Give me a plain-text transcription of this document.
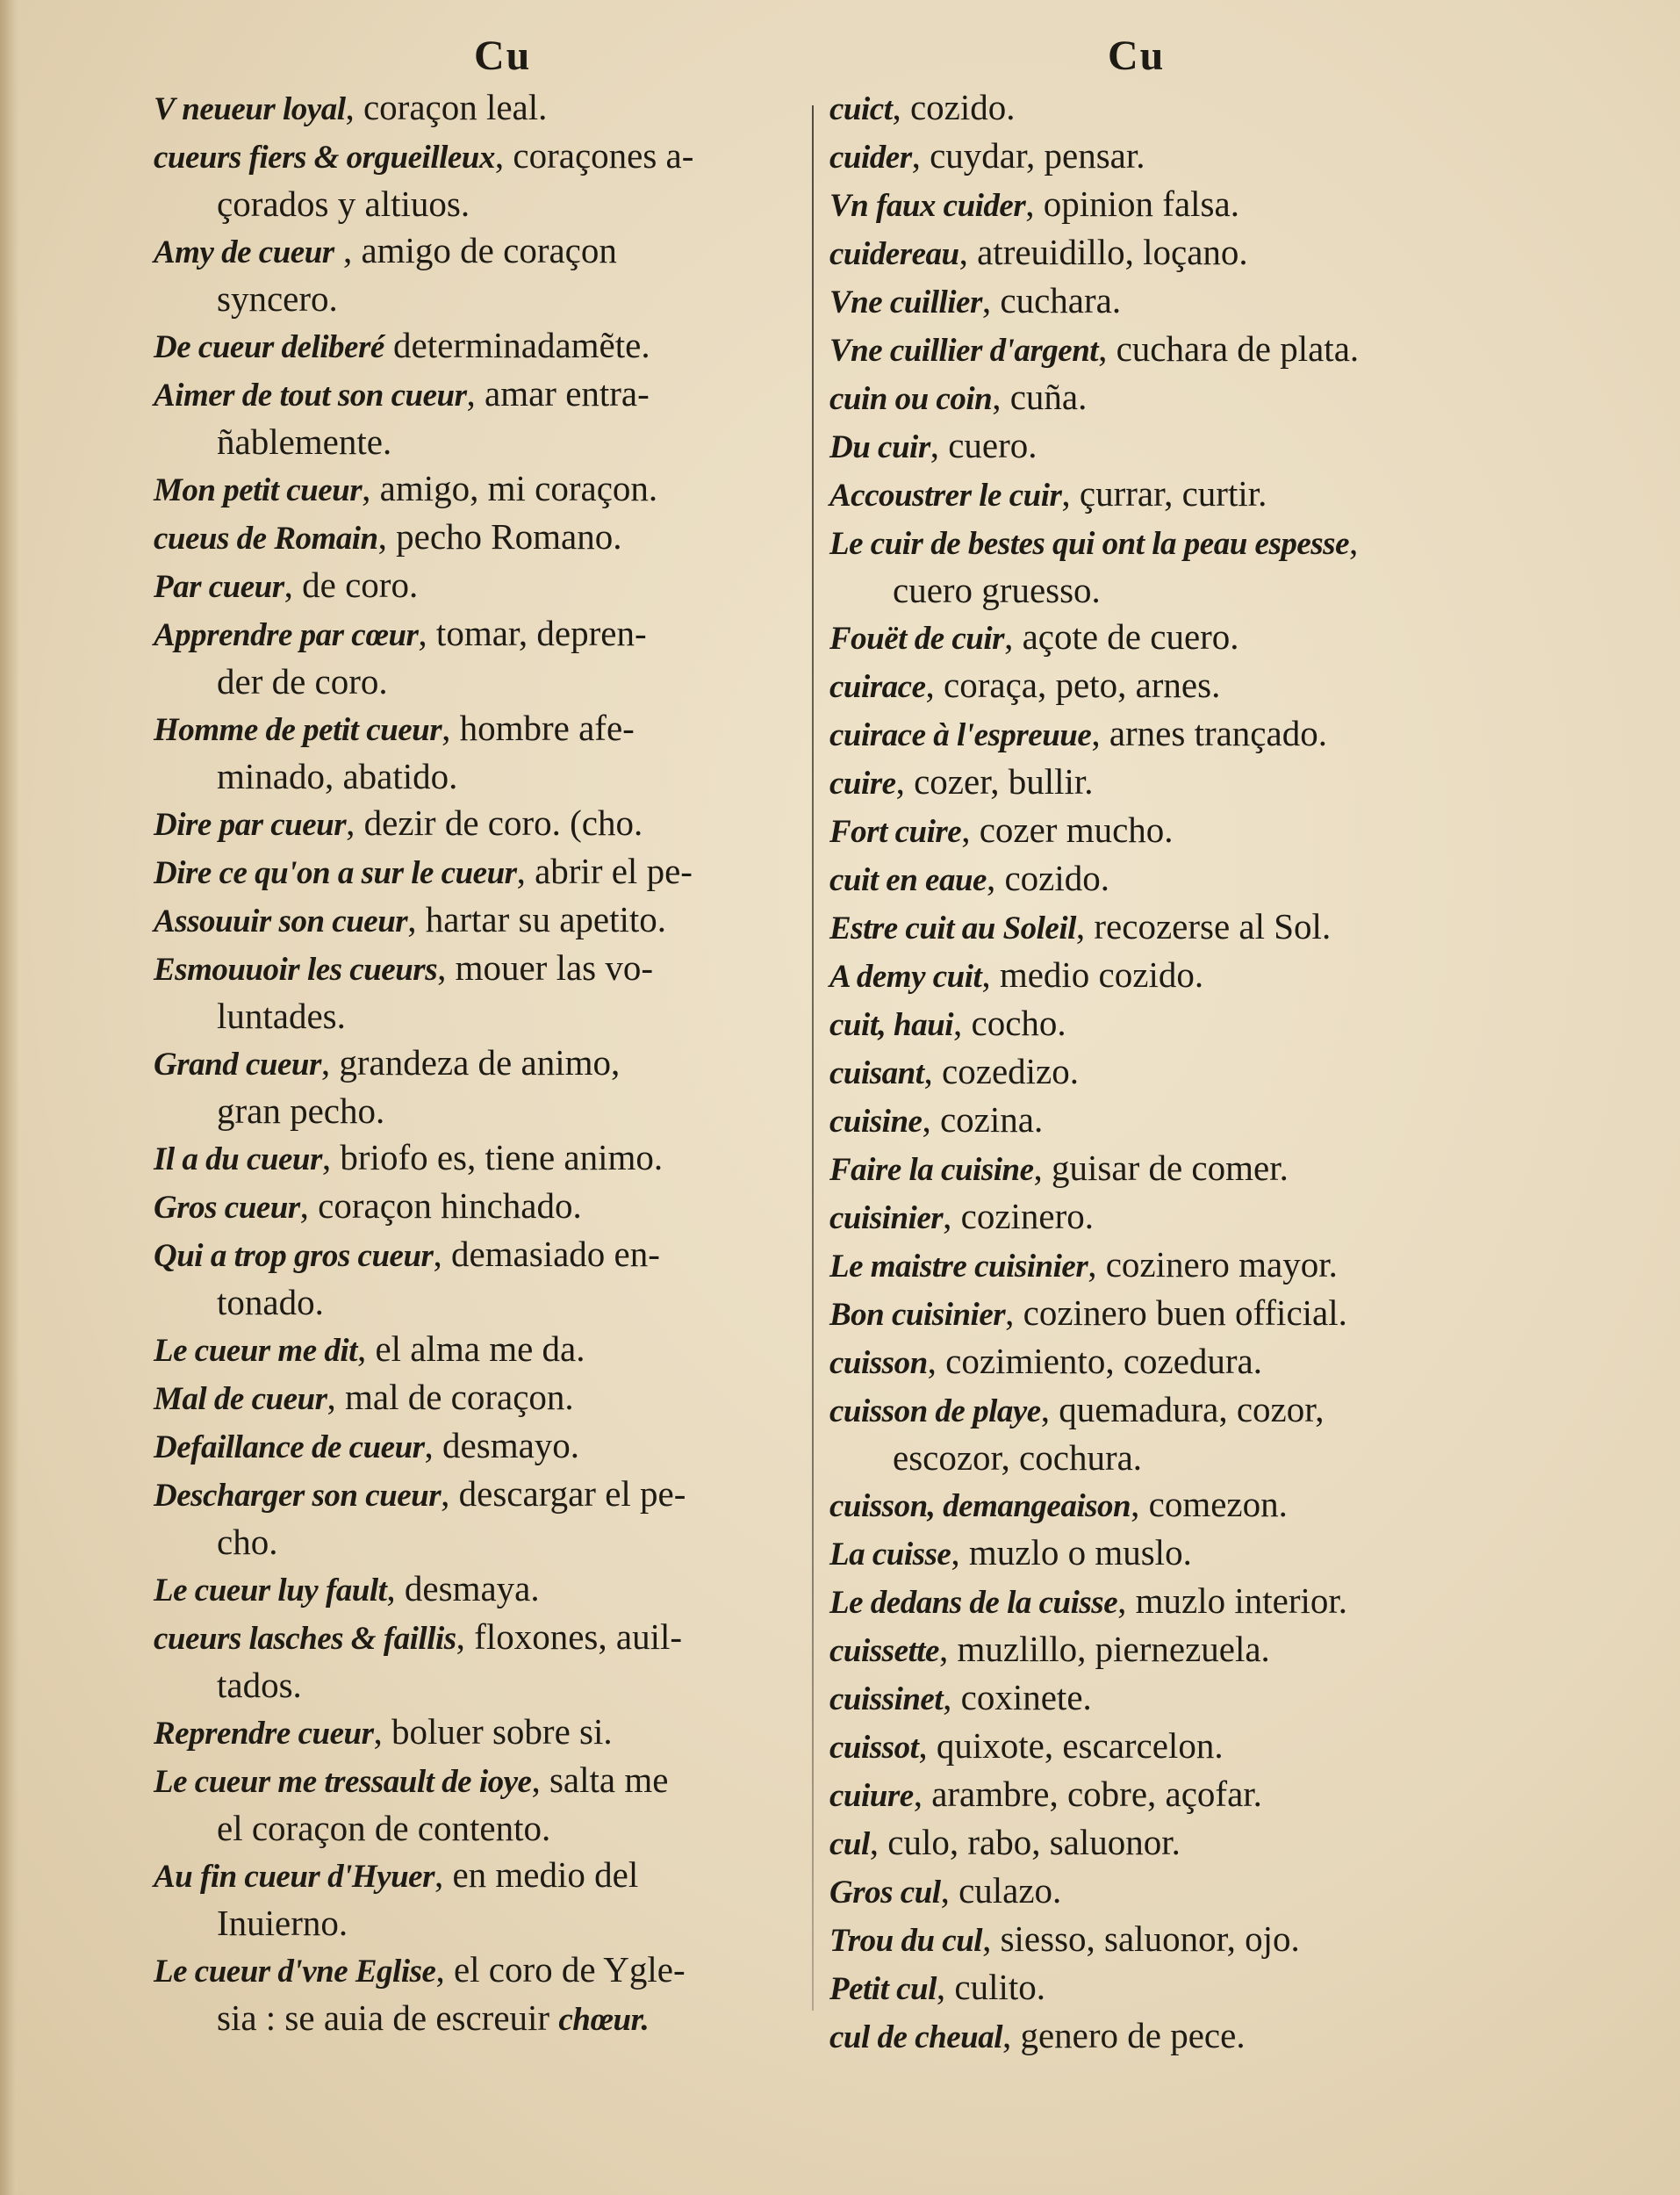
Cu	Cu
V neueur loyal, coraçon leal.
cueurs fiers & orgueilleux, coraçones a-
çorados y altiuos.
Amy de cueur , amigo de coraçon
syncero.
De cueur deliberé determinadamẽte.
Aimer de tout son cueur, amar entra-
ñablemente.
Mon petit cueur, amigo, mi coraçon.
cueus de Romain, pecho Romano.
Par cueur, de coro.
Apprendre par cœur, tomar, depren-
der de coro.
Homme de petit cueur, hombre afe-
minado, abatido.
Dire par cueur, dezir de coro. (cho.
Dire ce qu'on a sur le cueur, abrir el pe-
Assouuir son cueur, hartar su apetito.
Esmouuoir les cueurs, mouer las vo-
luntades.
Grand cueur, grandeza de animo,
gran pecho.
Il a du cueur, briofo es, tiene animo.
Gros cueur, coraçon hinchado.
Qui a trop gros cueur, demasiado en-
tonado.
Le cueur me dit, el alma me da.
Mal de cueur, mal de coraçon.
Defaillance de cueur, desmayo.
Descharger son cueur, descargar el pe-
cho.
Le cueur luy fault, desmaya.
cueurs lasches & faillis, floxones, auil-
tados.
Reprendre cueur, boluer sobre si.
Le cueur me tressault de ioye, salta me
el coraçon de contento.
Au fin cueur d'Hyuer, en medio del
Inuierno.
Le cueur d'vne Eglise, el coro de Ygle-
sia : se auia de escreuir chœur.
cuict, cozido.
cuider, cuydar, pensar.
Vn faux cuider, opinion falsa.
cuidereau, atreuidillo, loçano.
Vne cuillier, cuchara.
Vne cuillier d'argent, cuchara de plata.
cuin ou coin, cuña.
Du cuir, cuero.
Accoustrer le cuir, çurrar, curtir.
Le cuir de bestes qui ont la peau espesse,
cuero gruesso.
Fouët de cuir, açote de cuero.
cuirace, coraça, peto, arnes.
cuirace à l'espreuue, arnes trançado.
cuire, cozer, bullir.
Fort cuire, cozer mucho.
cuit en eaue, cozido.
Estre cuit au Soleil, recozerse al Sol.
A demy cuit, medio cozido.
cuit, haui, cocho.
cuisant, cozedizo.
cuisine, cozina.
Faire la cuisine, guisar de comer.
cuisinier, cozinero.
Le maistre cuisinier, cozinero mayor.
Bon cuisinier, cozinero buen official.
cuisson, cozimiento, cozedura.
cuisson de playe, quemadura, cozor,
escozor, cochura.
cuisson, demangeaison, comezon.
La cuisse, muzlo o muslo.
Le dedans de la cuisse, muzlo interior.
cuissette, muzlillo, piernezuela.
cuissinet, coxinete.
cuissot, quixote, escarcelon.
cuiure, arambre, cobre, açofar.
cul, culo, rabo, saluonor.
Gros cul, culazo.
Trou du cul, siesso, saluonor, ojo.
Petit cul, culito.
cul de cheual, genero de pece.
